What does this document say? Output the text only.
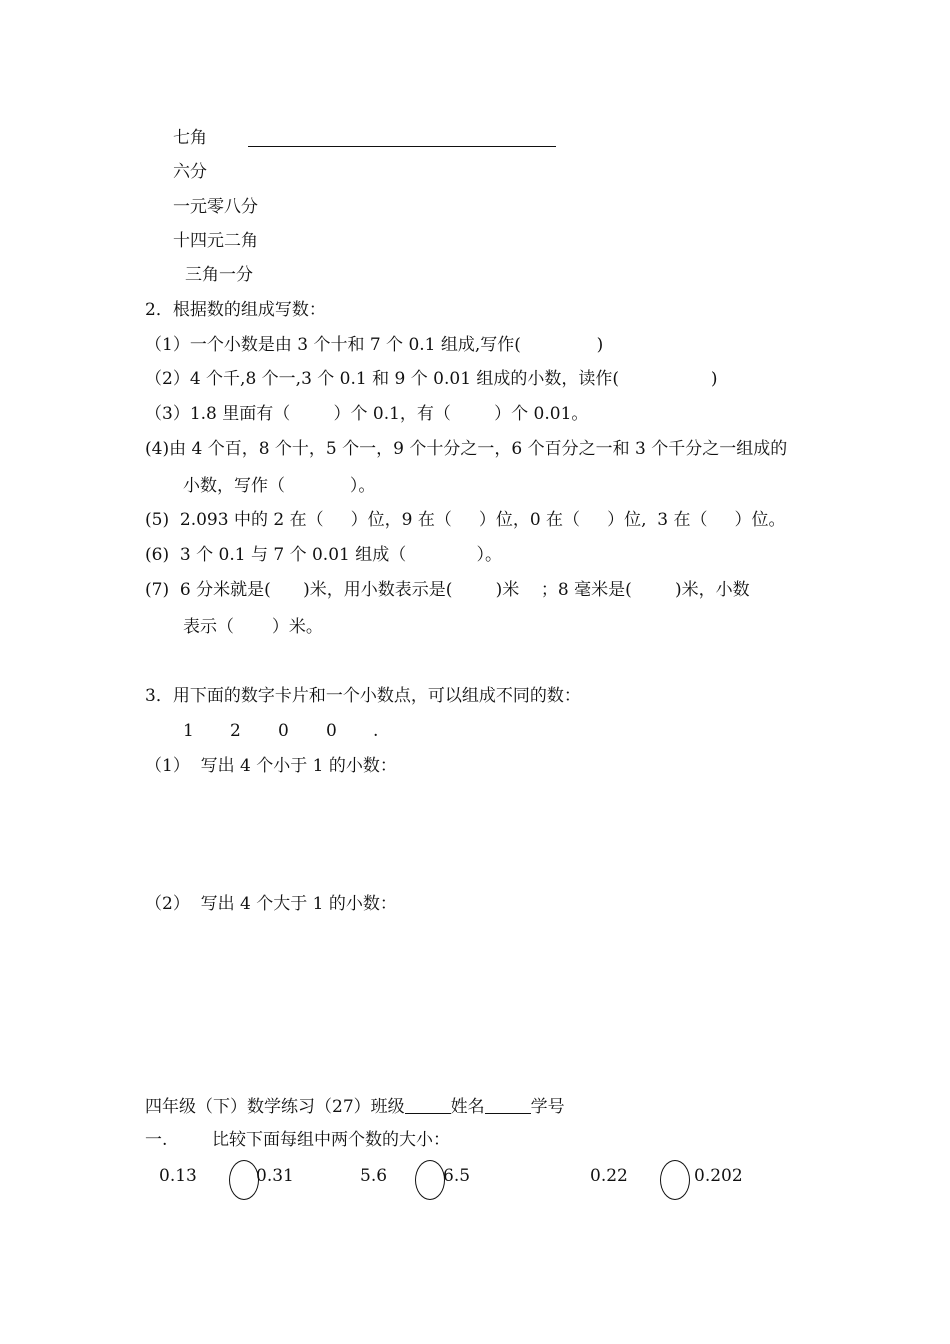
七角
六分
一元零八分
十四元二角
三角一分
2．根据数的组成写数：
（1）一个小数是由 3 个十和 7 个 0.1 组成,写作(              )
（2）4 个千,8 个一,3 个 0.1 和 9 个 0.01 组成的小数，读作(                 )
（3）1.8 里面有（        ）个 0.1，有（        ）个 0.01。
(4)由 4 个百，8 个十，5 个一，9 个十分之一，6 个百分之一和 3 个千分之一组成的
小数，写作（            ）。
(5)  2.093 中的 2 在（     ）位，9 在（     ）位，0 在（     ）位,  3 在（     ）位。
(6)  3 个 0.1 与 7 个 0.01 组成（             ）。
(7)  6 分米就是(      )米，用小数表示是(        )米    ；8 毫米是(        )米，小数
表示（       ）米。
3．用下面的数字卡片和一个小数点，可以组成不同的数：
1 2 0 0 .
（1）  写出 4 个小于 1 的小数：
（2）  写出 4 个大于 1 的小数：
四年级（下）数学练习（27）班级	姓名	学号
一.	比较下面每组中两个数的大小：
0.13	0.31	5.6	6.5	0.22	0.202
